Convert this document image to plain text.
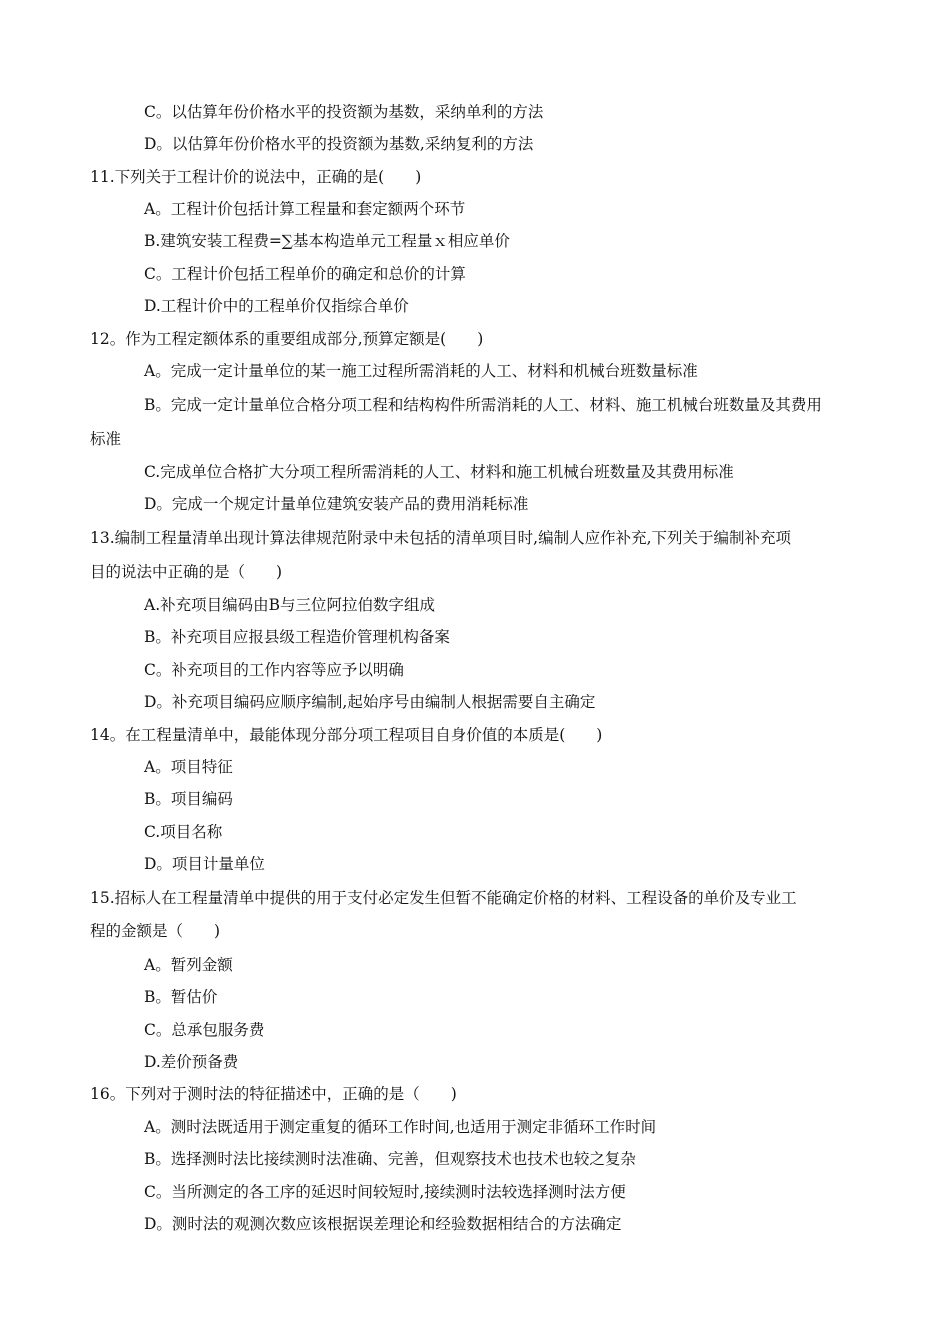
C。以估算年份价格水平的投资额为基数，采纳单利的方法
D。以估算年份价格水平的投资额为基数,采纳复利的方法
11.下列关于工程计价的说法中，正确的是(　　)
A。工程计价包括计算工程量和套定额两个环节
B.建筑安装工程费=∑基本构造单元工程量ｘ相应单价
C。工程计价包括工程单价的确定和总价的计算
D.工程计价中的工程单价仅指综合单价
12。作为工程定额体系的重要组成部分,预算定额是(　　)
A。完成一定计量单位的某一施工过程所需消耗的人工、材料和机械台班数量标准
B。完成一定计量单位合格分项工程和结构构件所需消耗的人工、材料、施工机械台班数量及其费用
标准
C.完成单位合格扩大分项工程所需消耗的人工、材料和施工机械台班数量及其费用标准
D。完成一个规定计量单位建筑安装产品的费用消耗标准
13.编制工程量清单出现计算法律规范附录中未包括的清单项目时,编制人应作补充,下列关于编制补充项
目的说法中正确的是（　　)
A.补充项目编码由B与三位阿拉伯数字组成
B。补充项目应报县级工程造价管理机构备案
C。补充项目的工作内容等应予以明确
D。补充项目编码应顺序编制,起始序号由编制人根据需要自主确定
14。在工程量清单中，最能体现分部分项工程项目自身价值的本质是(　　)
A。项目特征
B。项目编码
C.项目名称
D。项目计量单位
15.招标人在工程量清单中提供的用于支付必定发生但暂不能确定价格的材料、工程设备的单价及专业工
程的金额是（　　)
A。暂列金额
B。暂估价
C。总承包服务费
D.差价预备费
16。下列对于测时法的特征描述中，正确的是（　　)
A。测时法既适用于测定重复的循环工作时间,也适用于测定非循环工作时间
B。选择测时法比接续测时法准确、完善，但观察技术也技术也较之复杂
C。当所测定的各工序的延迟时间较短时,接续测时法较选择测时法方便
D。测时法的观测次数应该根据误差理论和经验数据相结合的方法确定
